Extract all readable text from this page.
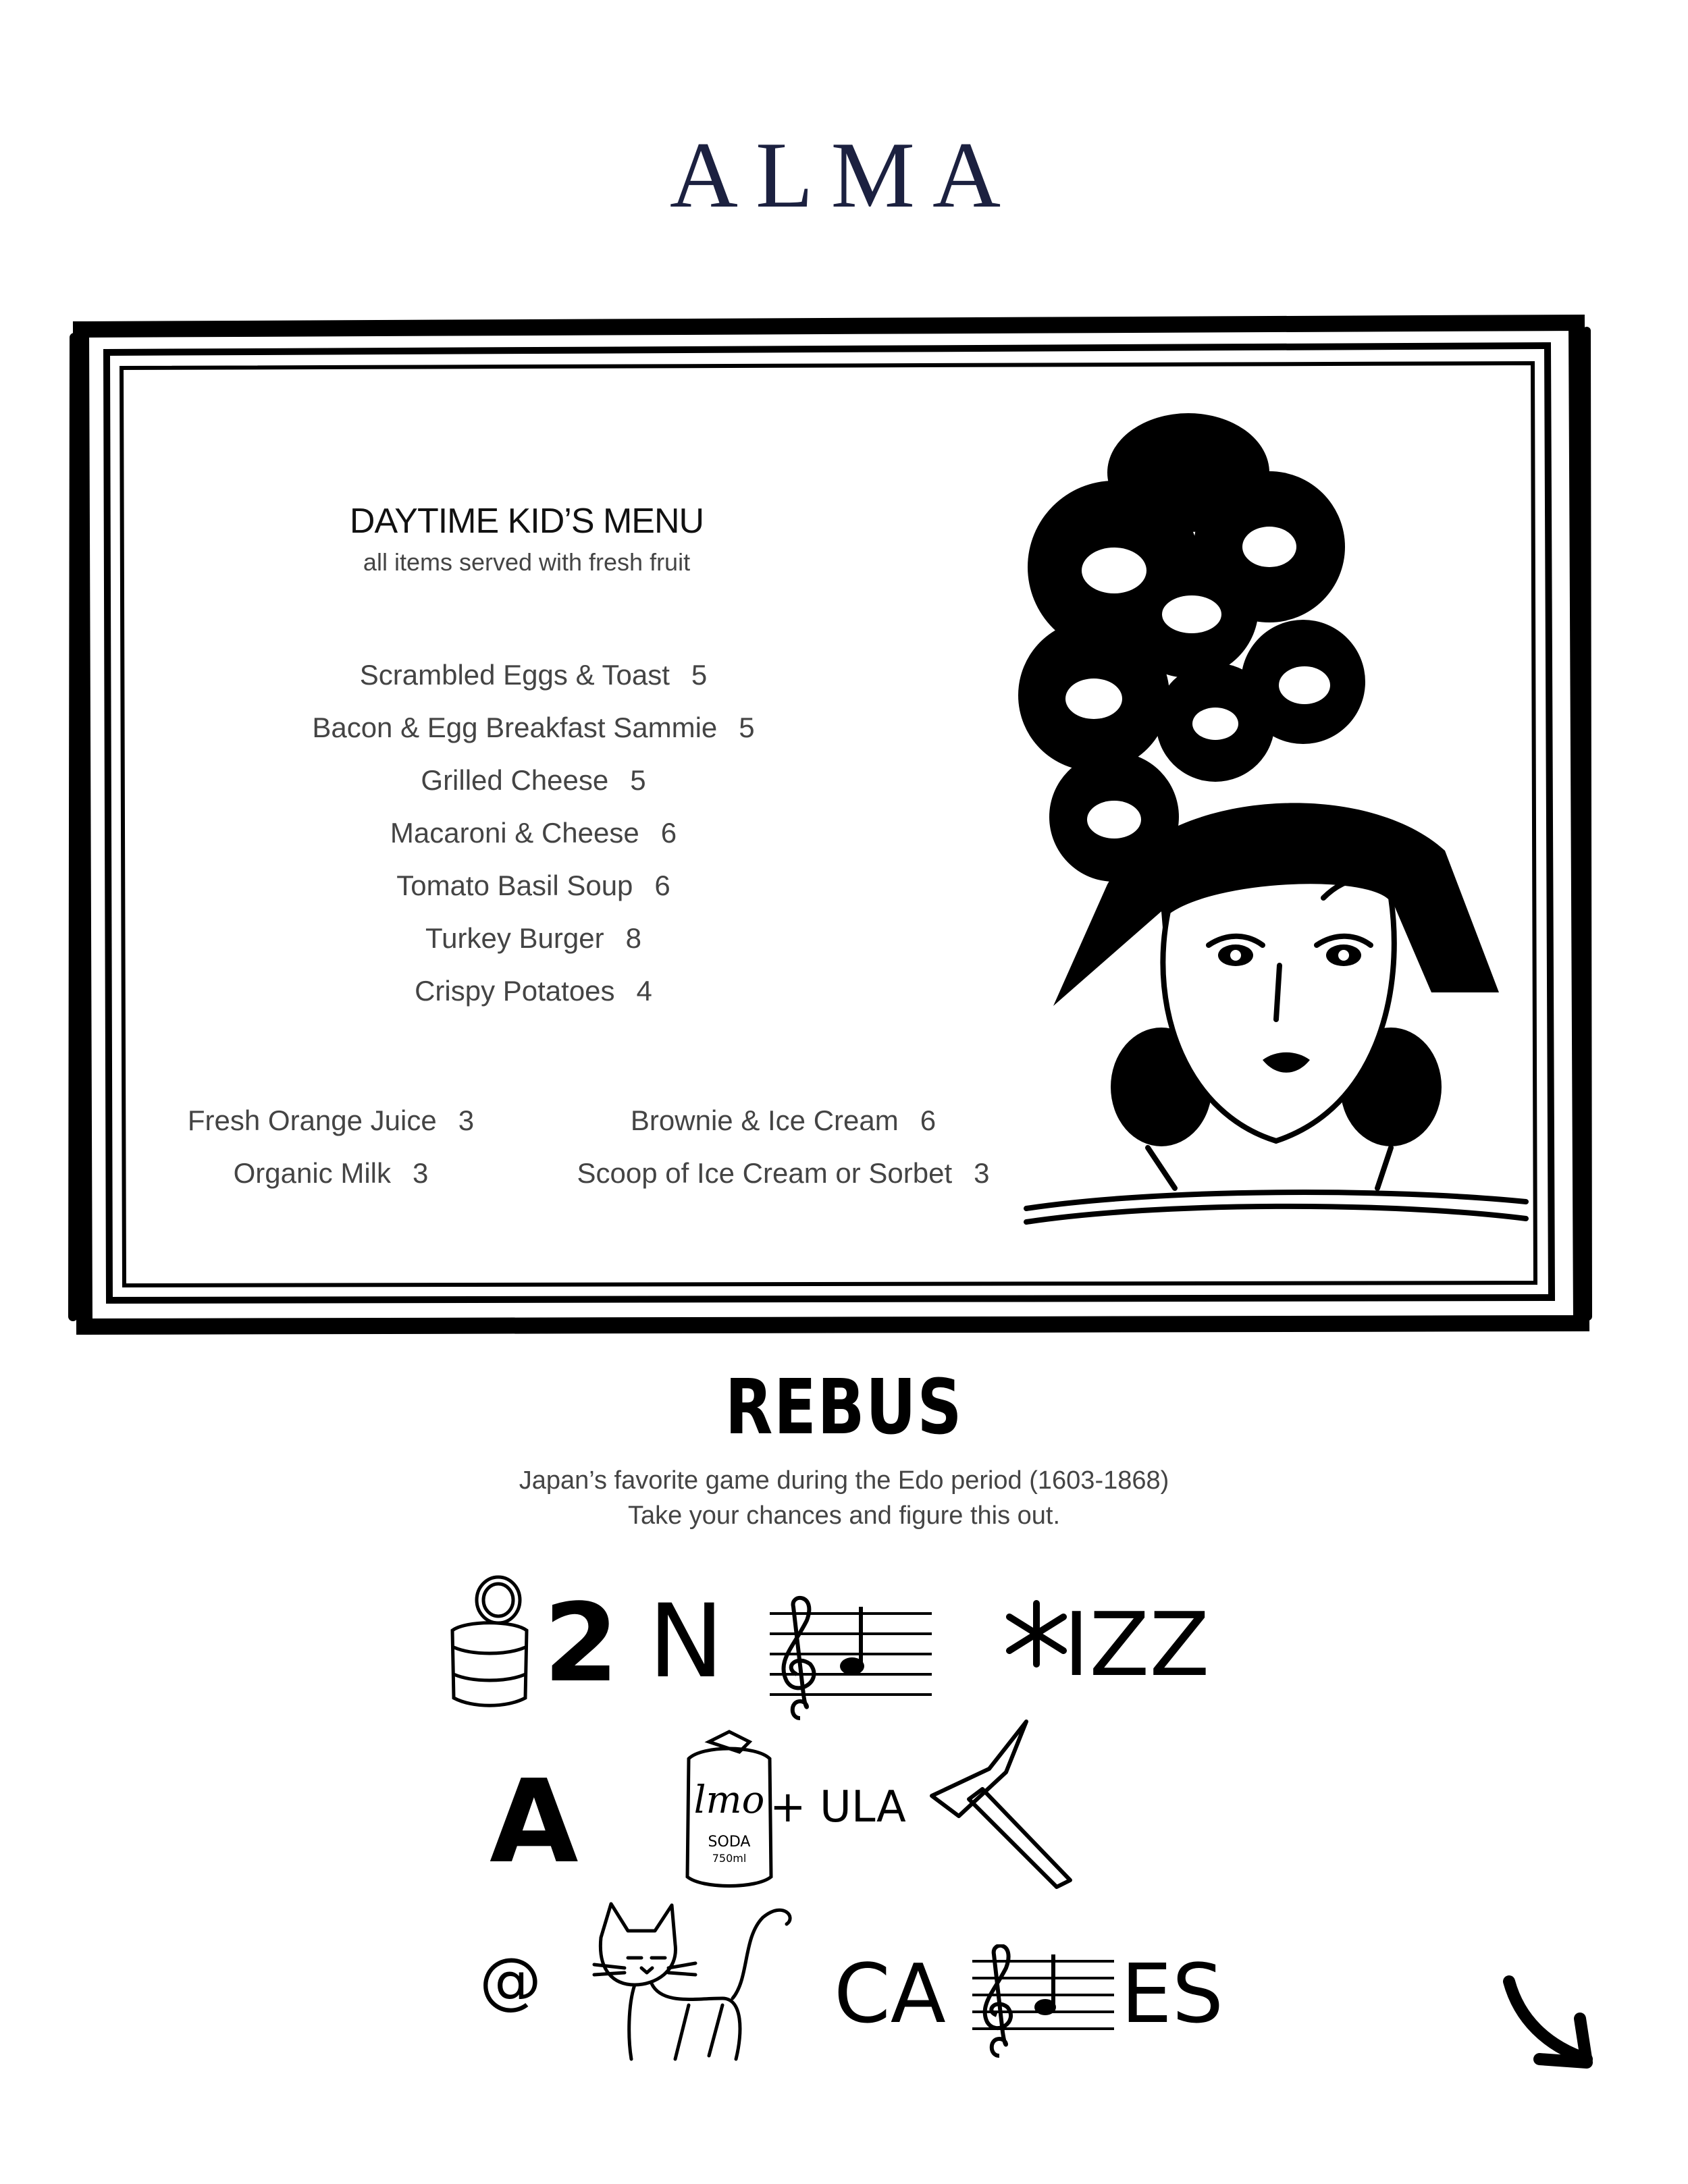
ALMA
DAYTIME KID’S MENU
all items served with fresh fruit
Scrambled Eggs & Toast 5
Bacon & Egg Breakfast Sammie 5
Grilled Cheese 5
Macaroni & Cheese 6
Tomato Basil Soup 6
Turkey Burger 8
Crispy Potatoes 4
Fresh Orange Juice 3
Organic Milk 3
Brownie & Ice Cream 6
Scoop of Ice Cream or Sorbet 3
REBUS
Japan’s favorite game during the Edo period (1603-1868)
Take your chances and figure this out.
2 N	IZZ
A	lmo
SODA
750ml
+ ULA
@	CA ES
